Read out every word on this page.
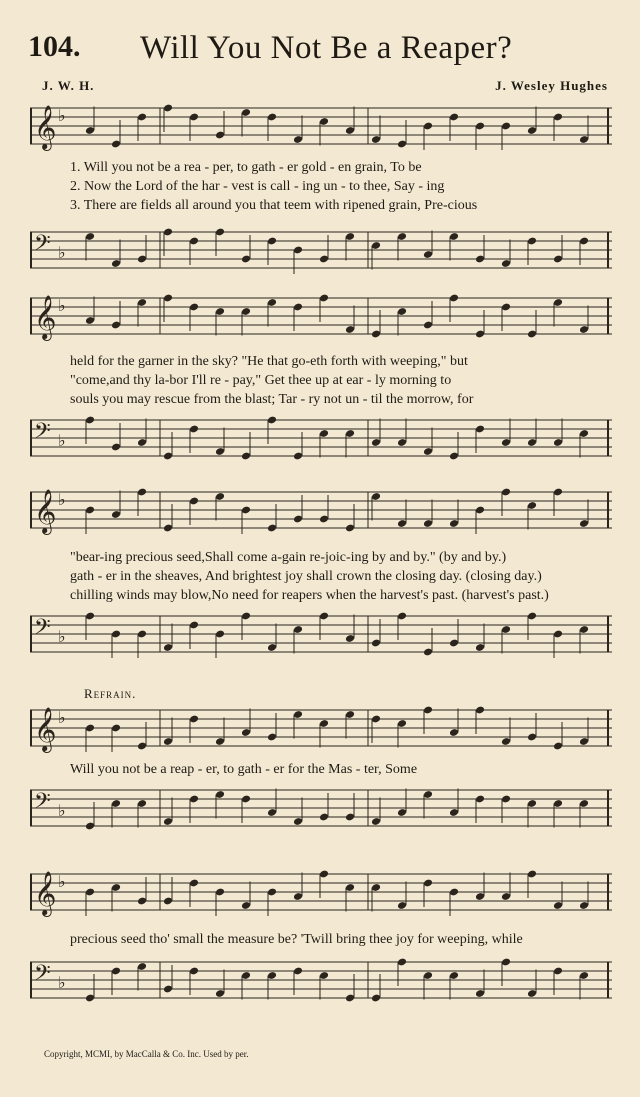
104. Will You Not Be a Reaper?
J. W. H.	J. Wesley Hughes
𝄞 ♭
1. Will you not be a rea - per, to gath - er gold - en grain, To be
2. Now the Lord of the har - vest is call - ing un - to thee, Say - ing
3. There are fields all around you that teem with ripened grain, Pre-cious
𝄢 ♭
𝄞 ♭
held for the garner in the sky? "He that go-eth forth with weeping," but
"come,and thy la-bor I'll re - pay," Get thee up at ear - ly morning to
souls you may rescue from the blast; Tar - ry not un - til the morrow, for
𝄢 ♭
𝄞 ♭
"bear-ing precious seed,Shall come a-gain re-joic-ing by and by." (by and by.)
gath - er in the sheaves, And brightest joy shall crown the closing day. (closing day.)
chilling winds may blow,No need for reapers when the harvest's past. (harvest's past.)
𝄢 ♭
Refrain.
𝄞 ♭
Will you not be a reap - er, to gath - er for the Mas - ter, Some
𝄢 ♭
𝄞 ♭
precious seed tho' small the measure be? 'Twill bring thee joy for weeping, while
𝄢 ♭
Copyright, MCMI, by MacCalla & Co. Inc. Used by per.
